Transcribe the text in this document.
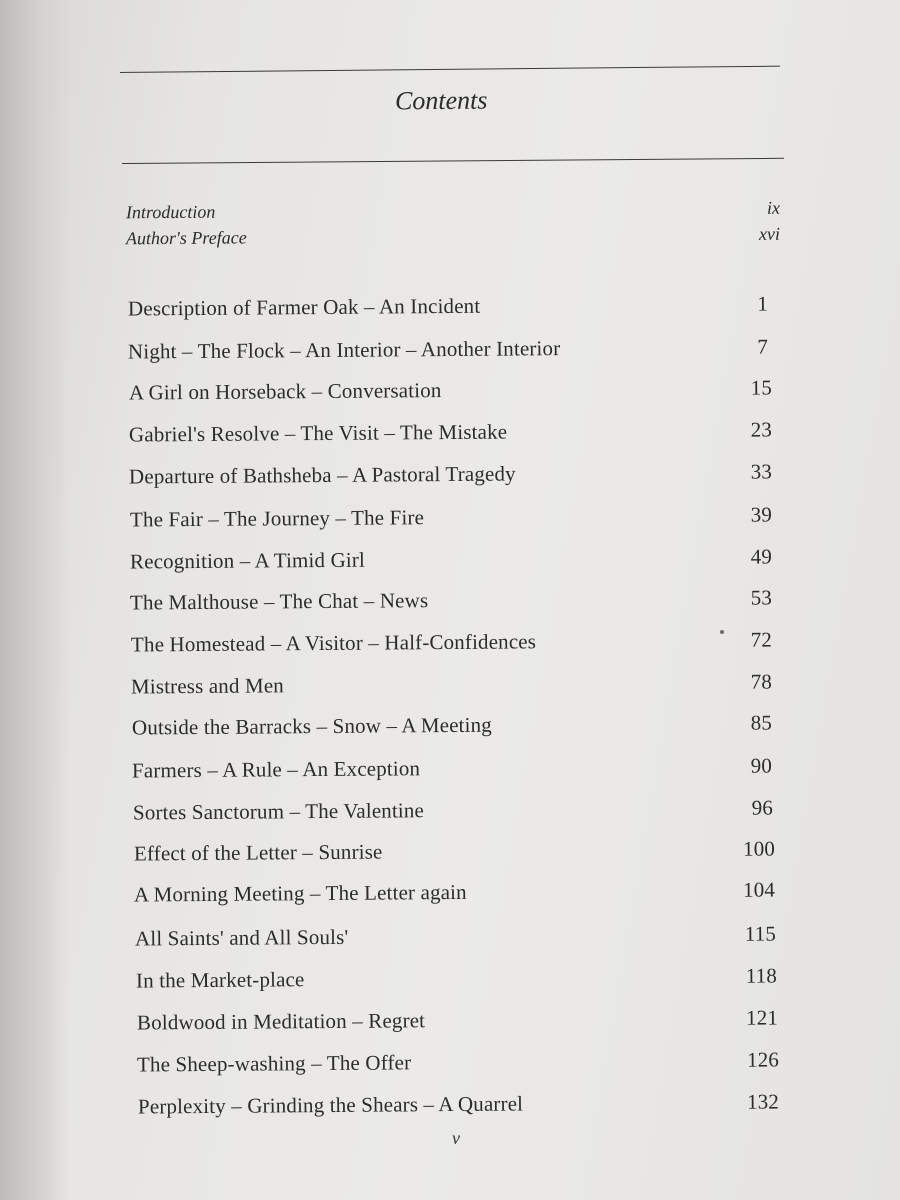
Contents
Introduction	ix
Author's Preface	xvi
Description of Farmer Oak – An Incident	1
Night – The Flock – An Interior – Another Interior	7
A Girl on Horseback – Conversation	15
Gabriel's Resolve – The Visit – The Mistake	23
Departure of Bathsheba – A Pastoral Tragedy	33
The Fair – The Journey – The Fire	39
Recognition – A Timid Girl	49
The Malthouse – The Chat – News	53
The Homestead – A Visitor – Half-Confidences	72
Mistress and Men	78
Outside the Barracks – Snow – A Meeting	85
Farmers – A Rule – An Exception	90
Sortes Sanctorum – The Valentine	96
Effect of the Letter – Sunrise	100
A Morning Meeting – The Letter again	104
All Saints' and All Souls'	115
In the Market-place	118
Boldwood in Meditation – Regret	121
The Sheep-washing – The Offer	126
Perplexity – Grinding the Shears – A Quarrel	132
v
